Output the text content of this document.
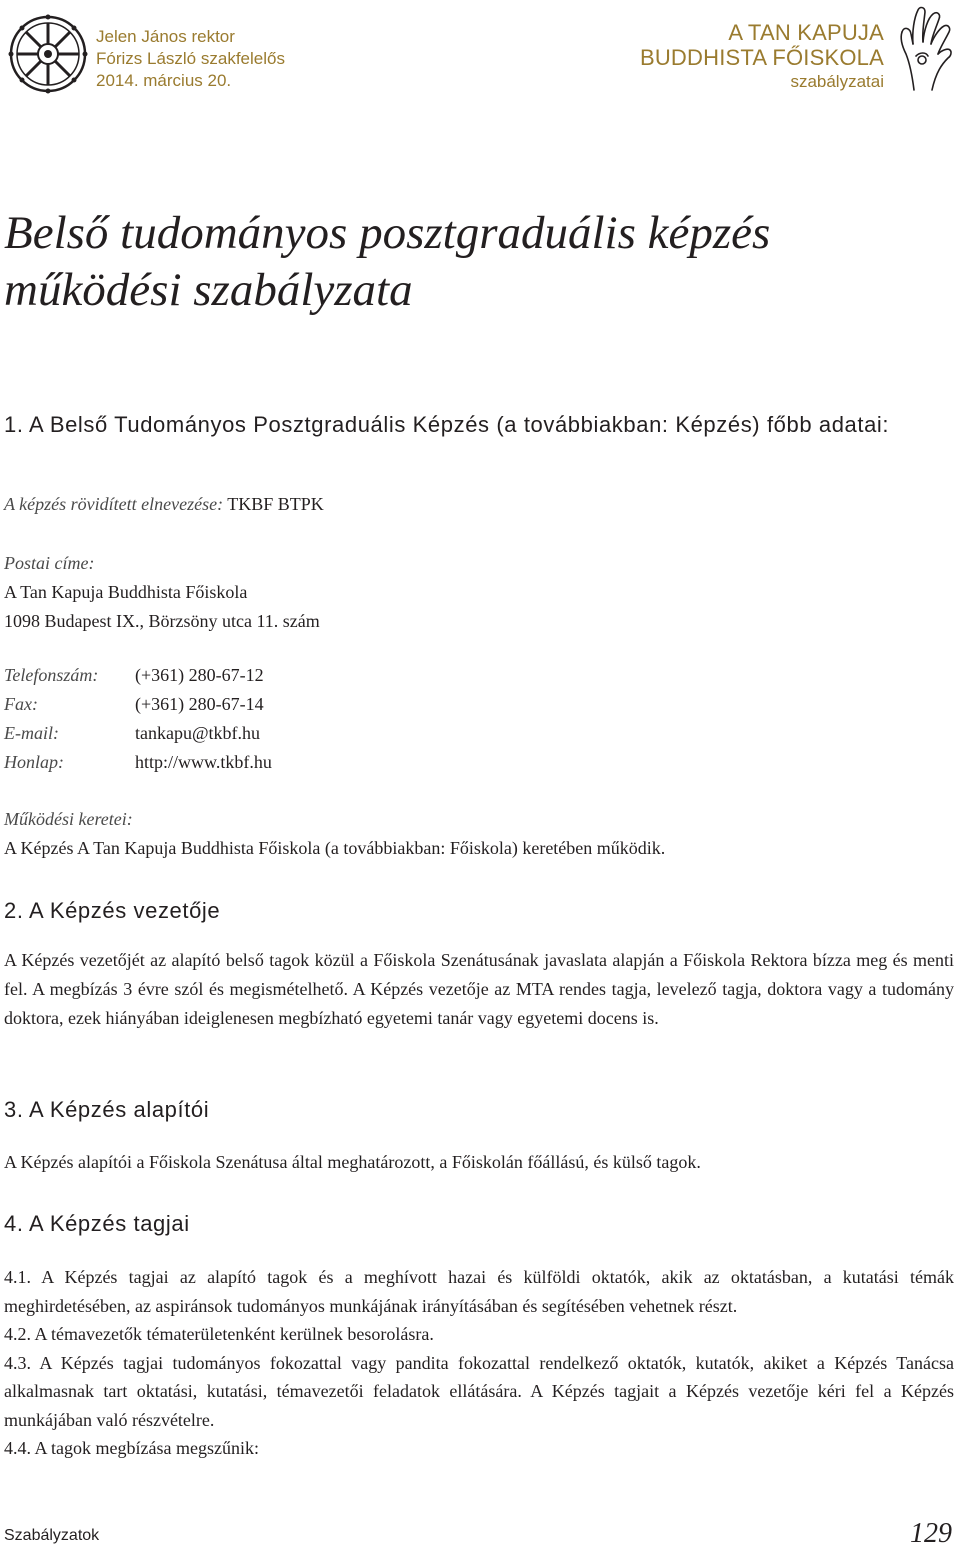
Jelen János rektor
Fórizs László szakfelelős
2014. március 20.
A TAN KAPUJA
BUDDHISTA FŐISKOLA
szabályzatai
Belső tudományos posztgraduális képzés
működési szabályzata
1. A Belső Tudományos Posztgraduális Képzés (a továbbiakban: Képzés) főbb adatai:
A képzés rövidített elnevezése: TKBF BTPK
Postai címe:
A Tan Kapuja Buddhista Főiskola
1098 Budapest IX., Börzsöny utca 11. szám
Telefonszám:	(+361) 280-67-12
Fax:	(+361) 280-67-14
E-mail:	tankapu@tkbf.hu
Honlap:	http://www.tkbf.hu
Működési keretei:
A Képzés A Tan Kapuja Buddhista Főiskola (a továbbiakban: Főiskola) keretében működik.
2. A Képzés vezetője
A Képzés vezetőjét az alapító belső tagok közül a Főiskola Szenátusának javaslata alapján a Főiskola Rektora bízza meg és menti fel. A megbízás 3 évre szól és megismételhető. A Képzés vezetője az MTA rendes tagja, levelező tagja, doktora vagy a tudomány doktora, ezek hiányában ideiglenesen megbízható egyetemi tanár vagy egyetemi docens is.
3. A Képzés alapítói
A Képzés alapítói a Főiskola Szenátusa által meghatározott, a Főiskolán főállású, és külső tagok.
4. A Képzés tagjai
4.1. A Képzés tagjai az alapító tagok és a meghívott hazai és külföldi oktatók, akik az oktatásban, a kutatási témák meghirdetésében, az aspiránsok tudományos munkájának irányításában és segítésében vehetnek részt.
4.2. A témavezetők tématerületenként kerülnek besorolásra.
4.3. A Képzés tagjai tudományos fokozattal vagy pandita fokozattal rendelkező oktatók, kutatók, akiket a Képzés Tanácsa alkalmasnak tart oktatási, kutatási, témavezetői feladatok ellátására. A Képzés tagjait a Képzés vezetője kéri fel a Képzés munkájában való részvételre.
4.4. A tagok megbízása megszűnik:
Szabályzatok	129
